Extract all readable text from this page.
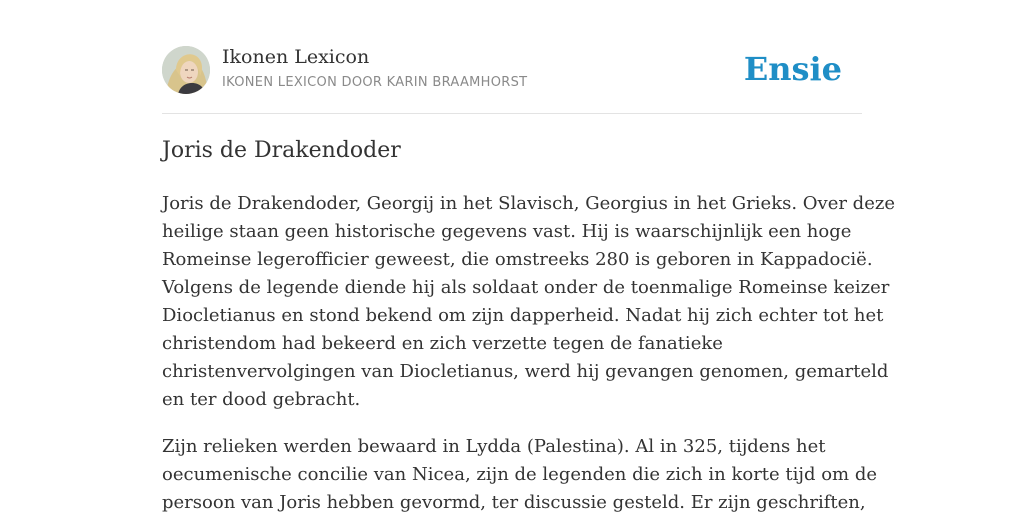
Ikonen Lexicon
IKONEN LEXICON DOOR KARIN BRAAMHORST	Ensie
Joris de Drakendoder

Joris de Drakendoder, Georgij in het Slavisch, Georgius in het Grieks. Over deze
heilige staan geen historische gegevens vast. Hij is waarschijnlijk een hoge
Romeinse legerofficier geweest, die omstreeks 280 is geboren in Kappadocië.
Volgens de legende diende hij als soldaat onder de toenmalige Romeinse keizer
Diocletianus en stond bekend om zijn dapperheid. Nadat hij zich echter tot het
christendom had bekeerd en zich verzette tegen de fanatieke
christenvervolgingen van Diocletianus, werd hij gevangen genomen, gemarteld
en ter dood gebracht.

Zijn relieken werden bewaard in Lydda (Palestina). Al in 325, tijdens het
oecumenische concilie van Nicea, zijn de legenden die zich in korte tijd om de
persoon van Joris hebben gevormd, ter discussie gesteld. Er zijn geschriften,
